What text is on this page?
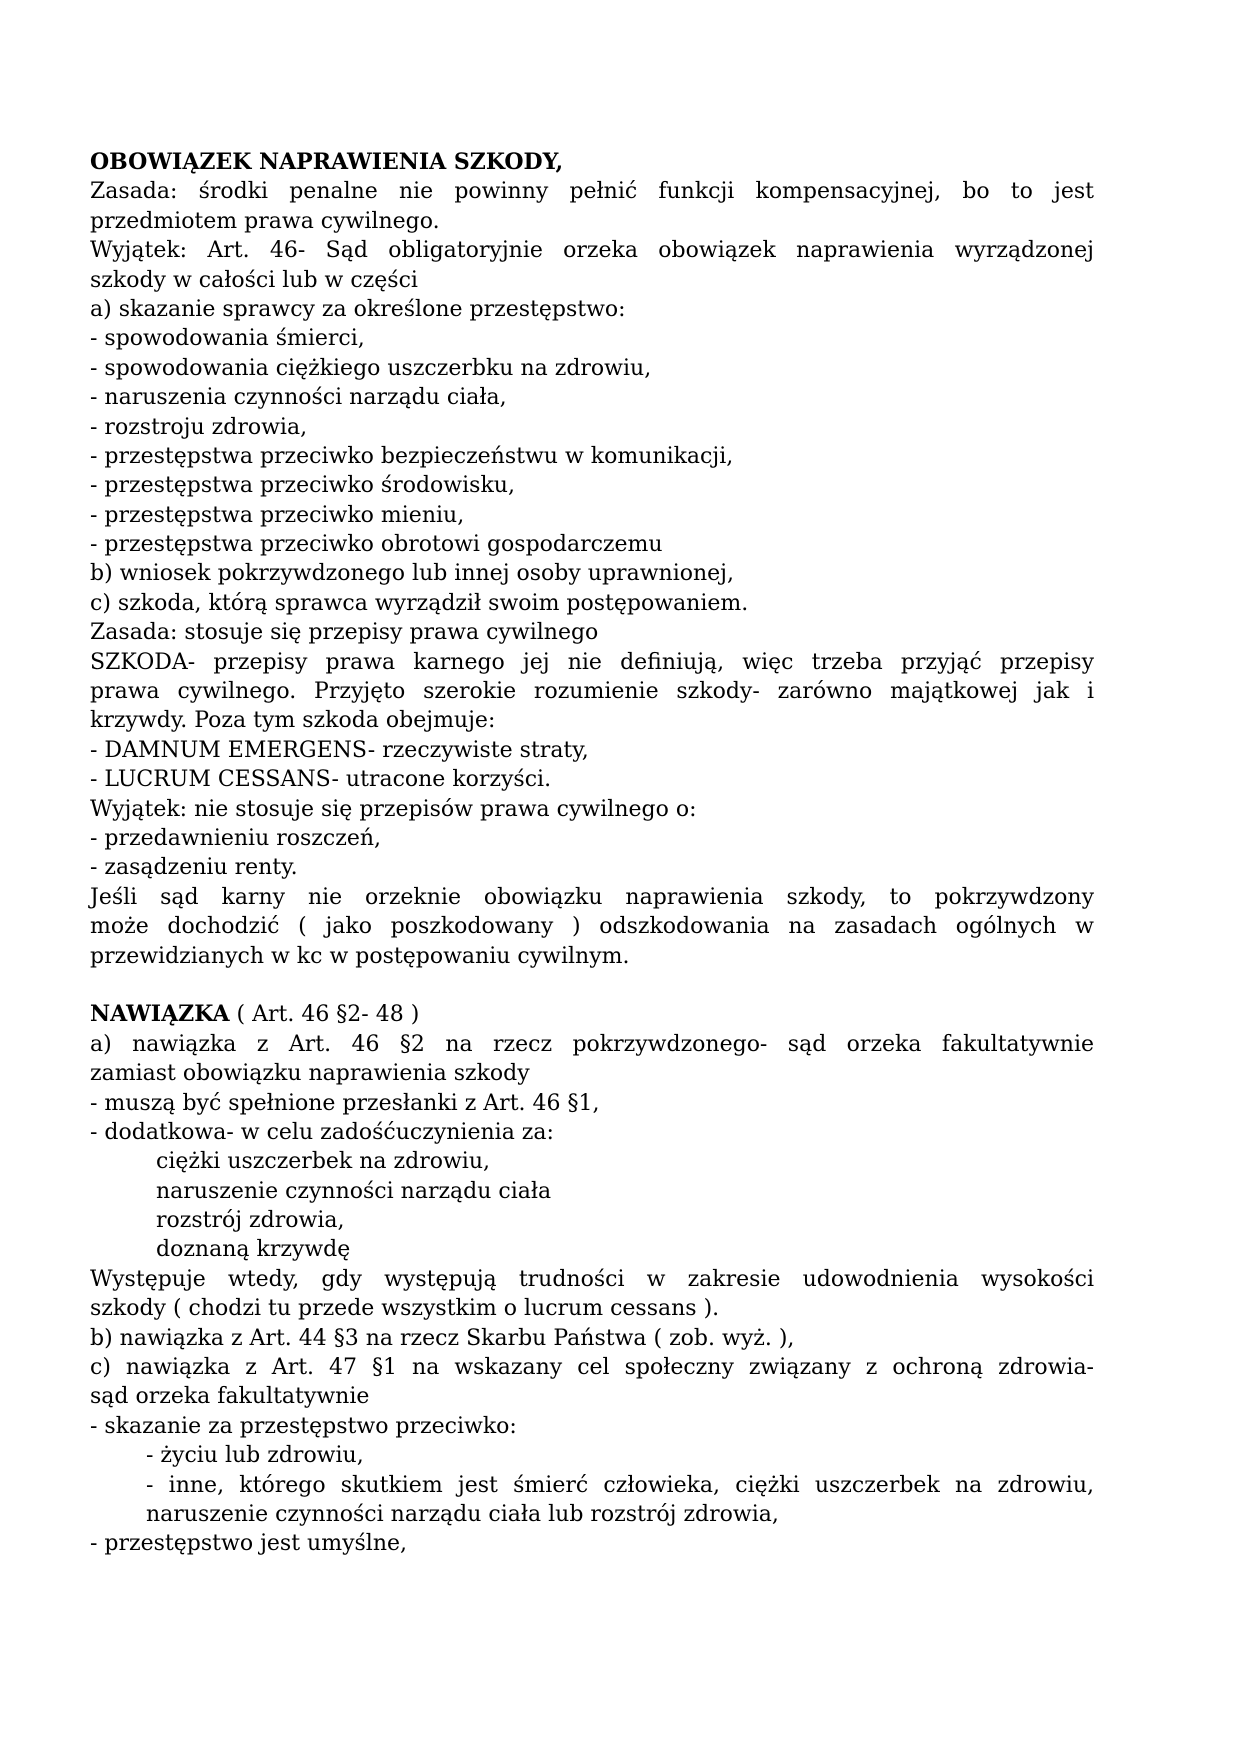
OBOWIĄZEK NAPRAWIENIA SZKODY,
Zasada: środki penalne nie powinny pełnić funkcji kompensacyjnej, bo to jest
przedmiotem prawa cywilnego.
Wyjątek: Art. 46- Sąd obligatoryjnie orzeka obowiązek naprawienia wyrządzonej
szkody w całości lub w części
a) skazanie sprawcy za określone przestępstwo:
- spowodowania śmierci,
- spowodowania ciężkiego uszczerbku na zdrowiu,
- naruszenia czynności narządu ciała,
- rozstroju zdrowia,
- przestępstwa przeciwko bezpieczeństwu w komunikacji,
- przestępstwa przeciwko środowisku,
- przestępstwa przeciwko mieniu,
- przestępstwa przeciwko obrotowi gospodarczemu
b) wniosek pokrzywdzonego lub innej osoby uprawnionej,
c) szkoda, którą sprawca wyrządził swoim postępowaniem.
Zasada: stosuje się przepisy prawa cywilnego
SZKODA- przepisy prawa karnego jej nie definiują, więc trzeba przyjąć przepisy
prawa cywilnego. Przyjęto szerokie rozumienie szkody- zarówno majątkowej jak i
krzywdy. Poza tym szkoda obejmuje:
- DAMNUM EMERGENS- rzeczywiste straty,
- LUCRUM CESSANS- utracone korzyści.
Wyjątek: nie stosuje się przepisów prawa cywilnego o:
- przedawnieniu roszczeń,
- zasądzeniu renty.
Jeśli sąd karny nie orzeknie obowiązku naprawienia szkody, to pokrzywdzony
może dochodzić ( jako poszkodowany ) odszkodowania na zasadach ogólnych w
przewidzianych w kc w postępowaniu cywilnym.
NAWIĄZKA ( Art. 46 §2- 48 )
a) nawiązka z Art. 46 §2 na rzecz pokrzywdzonego- sąd orzeka fakultatywnie
zamiast obowiązku naprawienia szkody
- muszą być spełnione przesłanki z Art. 46 §1,
- dodatkowa- w celu zadośćuczynienia za:
ciężki uszczerbek na zdrowiu,
naruszenie czynności narządu ciała
rozstrój zdrowia,
doznaną krzywdę
Występuje wtedy, gdy występują trudności w zakresie udowodnienia wysokości
szkody ( chodzi tu przede wszystkim o lucrum cessans ).
b) nawiązka z Art. 44 §3 na rzecz Skarbu Państwa ( zob. wyż. ),
c) nawiązka z Art. 47 §1 na wskazany cel społeczny związany z ochroną zdrowia-
sąd orzeka fakultatywnie
- skazanie za przestępstwo przeciwko:
- życiu lub zdrowiu,
- inne, którego skutkiem jest śmierć człowieka, ciężki uszczerbek na zdrowiu,
naruszenie czynności narządu ciała lub rozstrój zdrowia,
- przestępstwo jest umyślne,
